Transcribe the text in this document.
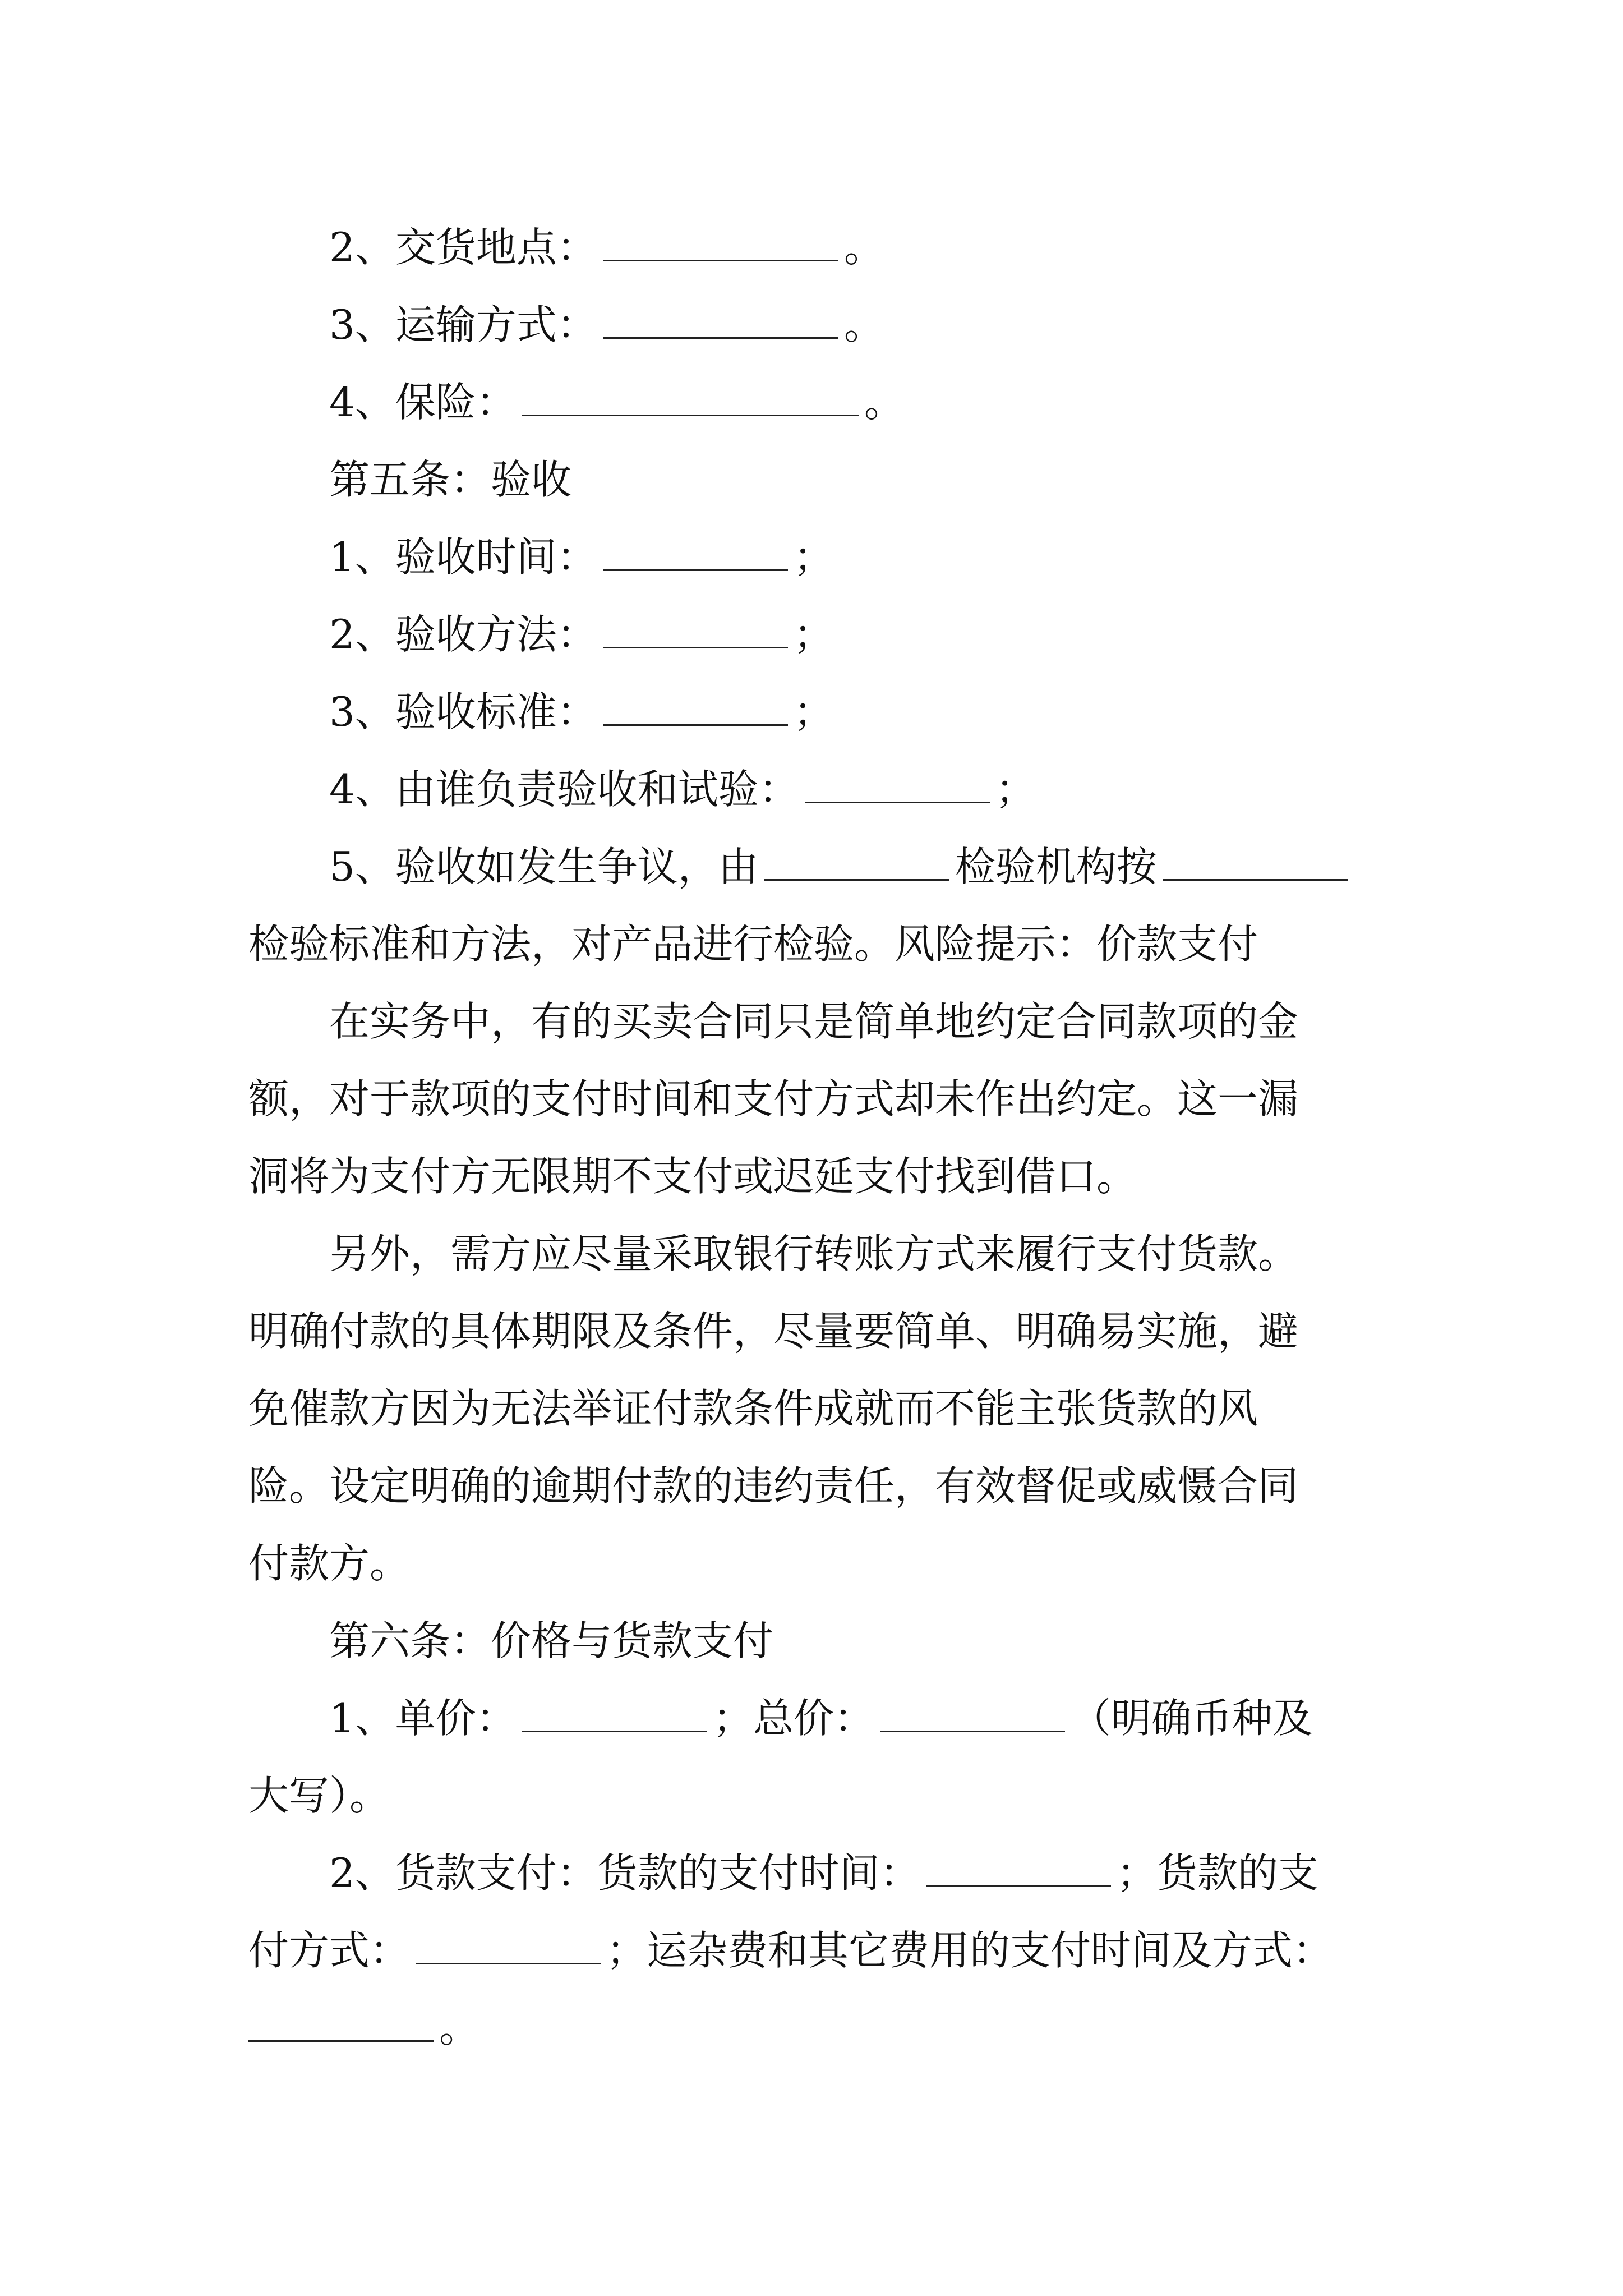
　　2、交货地点：	。
　　3、运输方式：	。
　　4、保险：	。
　　第五条：验收
　　1、验收时间：	；
　　2、验收方法：	；
　　3、验收标准：	；
　　4、由谁负责验收和试验：	；
　　5、验收如发生争议，由	检验机构按
检验标准和方法，对产品进行检验。风险提示：价款支付
　　在实务中，有的买卖合同只是简单地约定合同款项的金
额，对于款项的支付时间和支付方式却未作出约定。这一漏
洞将为支付方无限期不支付或迟延支付找到借口。
　　另外，需方应尽量采取银行转账方式来履行支付货款。
明确付款的具体期限及条件，尽量要简单、明确易实施，避
免催款方因为无法举证付款条件成就而不能主张货款的风
险。设定明确的逾期付款的违约责任，有效督促或威慑合同
付款方。
　　第六条：价格与货款支付
　　1、单价：	；总价：	（明确币种及
大写）。
　　2、货款支付：货款的支付时间：	；货款的支
付方式：	；运杂费和其它费用的支付时间及方式：
。
